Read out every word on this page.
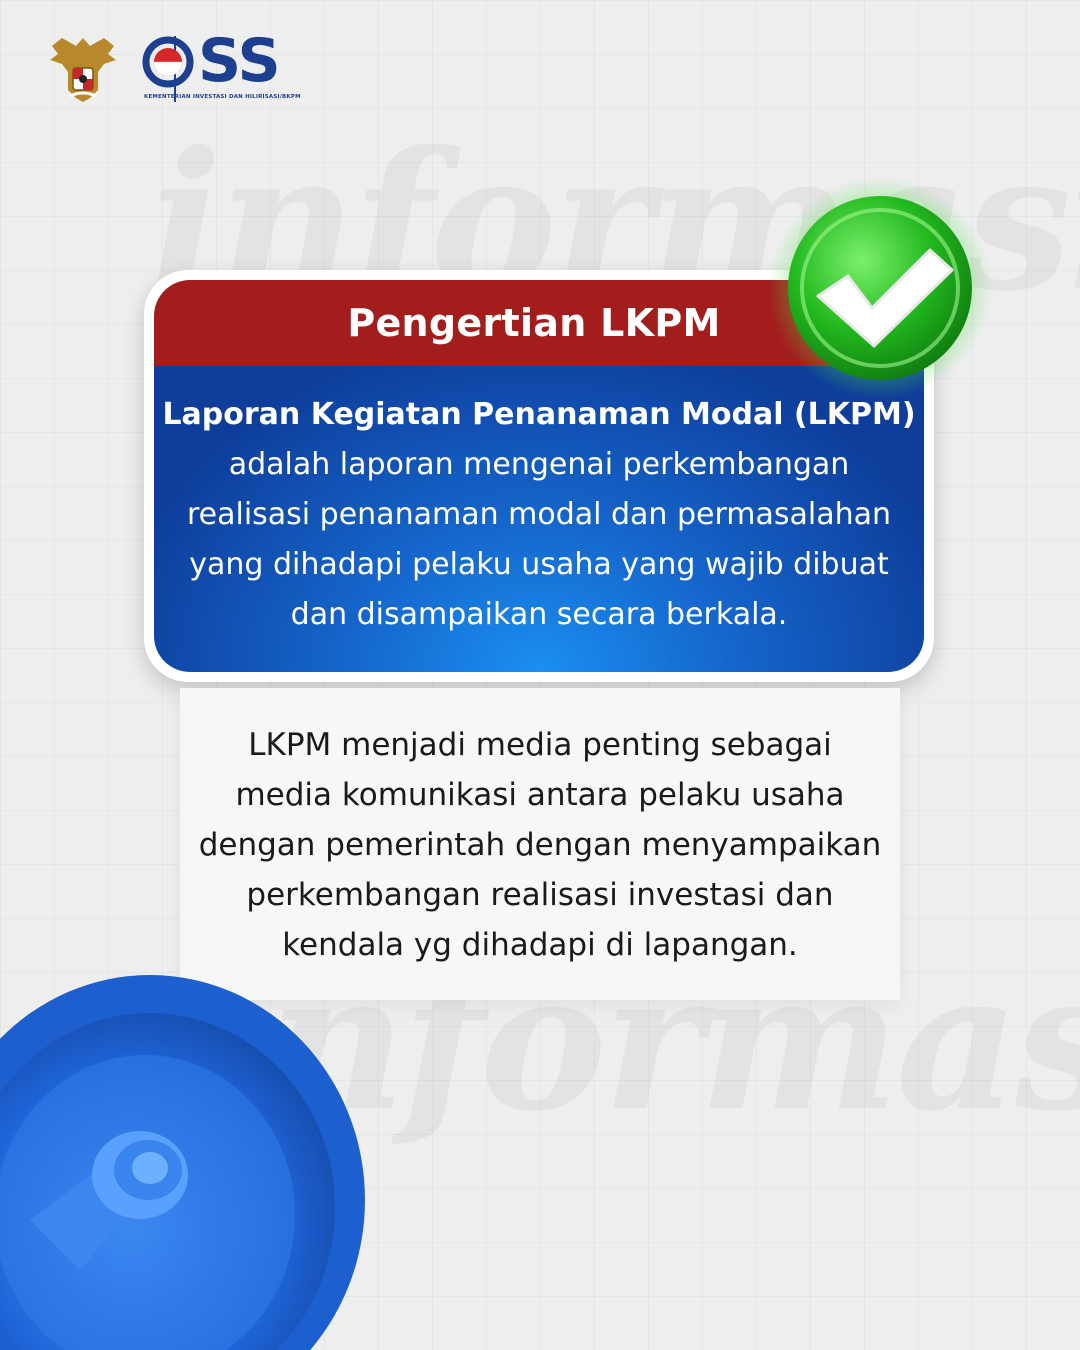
SS
KEMENTERIAN INVESTASI DAN HILIRISASI/BKPM
Pengertian LKPM

Laporan Kegiatan Penanaman Modal (LKPM)

adalah laporan mengenai perkembangan

realisasi penanaman modal dan permasalahan

yang dihadapi pelaku usaha yang wajib dibuat

dan disampaikan secara berkala.

LKPM menjadi media penting sebagai

media komunikasi antara pelaku usaha

dengan pemerintah dengan menyampaikan

perkembangan realisasi investasi dan

kendala yg dihadapi di lapangan.
